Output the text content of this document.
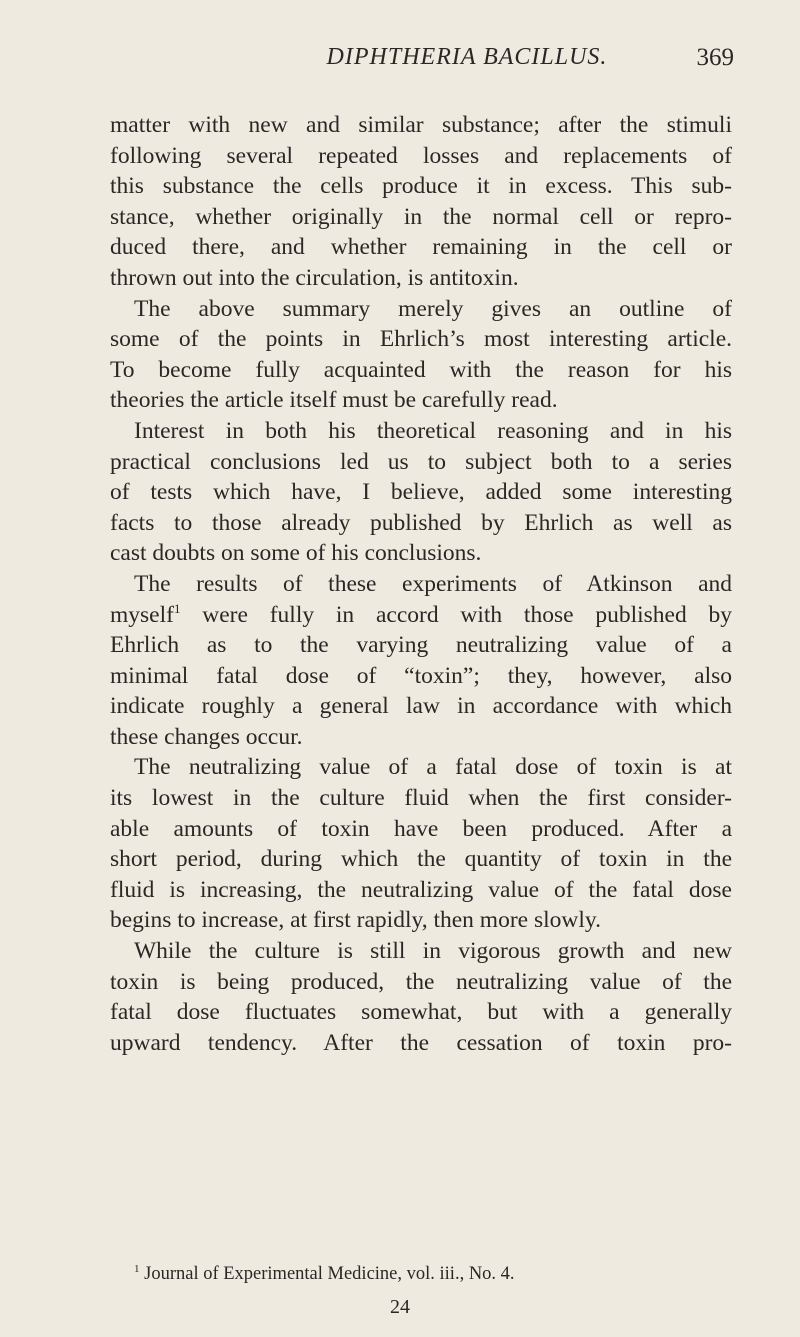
DIPHTHERIA BACILLUS.	369
matter with new and similar substance; after the stimuli
following several repeated losses and replacements of
this substance the cells produce it in excess. This sub-
stance, whether originally in the normal cell or repro-
duced there, and whether remaining in the cell or
thrown out into the circulation, is antitoxin.
The above summary merely gives an outline of
some of the points in Ehrlich’s most interesting article.
To become fully acquainted with the reason for his
theories the article itself must be carefully read.
Interest in both his theoretical reasoning and in his
practical conclusions led us to subject both to a series
of tests which have, I believe, added some interesting
facts to those already published by Ehrlich as well as
cast doubts on some of his conclusions.
The results of these experiments of Atkinson and
myself$^1$ were fully in accord with those published by
Ehrlich as to the varying neutralizing value of a
minimal fatal dose of “toxin”; they, however, also
indicate roughly a general law in accordance with which
these changes occur.
The neutralizing value of a fatal dose of toxin is at
its lowest in the culture fluid when the first consider-
able amounts of toxin have been produced. After a
short period, during which the quantity of toxin in the
fluid is increasing, the neutralizing value of the fatal dose
begins to increase, at first rapidly, then more slowly.
While the culture is still in vigorous growth and new
toxin is being produced, the neutralizing value of the
fatal dose fluctuates somewhat, but with a generally
upward tendency. After the cessation of toxin pro-
$^1$ Journal of Experimental Medicine, vol. iii., No. 4.
24
